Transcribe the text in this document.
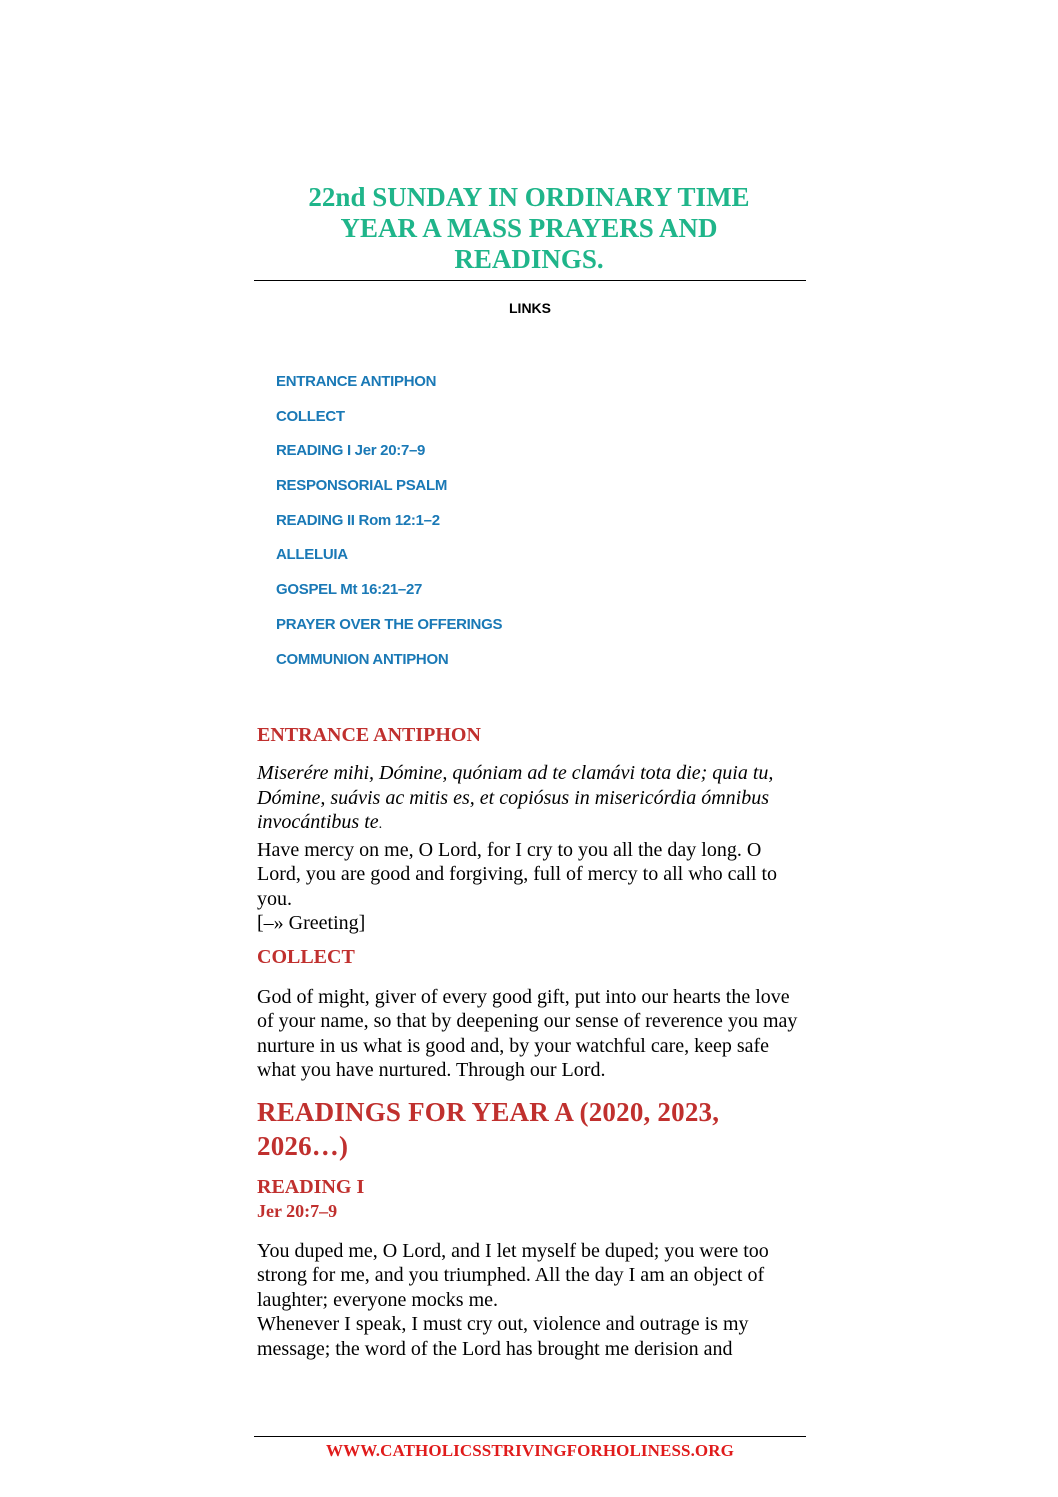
22nd SUNDAY IN ORDINARY TIME
YEAR A MASS PRAYERS AND
READINGS.
LINKS
ENTRANCE ANTIPHON
COLLECT
READING I Jer 20:7–9
RESPONSORIAL PSALM
READING II Rom 12:1–2
ALLELUIA
GOSPEL Mt 16:21–27
PRAYER OVER THE OFFERINGS
COMMUNION ANTIPHON
ENTRANCE ANTIPHON

Miserére mihi, Dómine, quóniam ad te clamávi tota die; quia tu, Dómine, suávis ac mitis es, et copiósus in misericórdia ómnibus invocántibus te.

Have mercy on me, O Lord, for I cry to you all the day long. O Lord, you are good and forgiving, full of mercy to all who call to you.

[–» Greeting]

COLLECT

God of might, giver of every good gift, put into our hearts the love of your name, so that by deepening our sense of reverence you may nurture in us what is good and, by your watchful care, keep safe what you have nurtured. Through our Lord.

READINGS FOR YEAR A (2020, 2023, 2026…)
READING I
Jer 20:7–9

You duped me, O Lord, and I let myself be duped; you were too strong for me, and you triumphed. All the day I am an object of laughter; everyone mocks me.

Whenever I speak, I must cry out, violence and outrage is my message; the word of the Lord has brought me derision and

WWW.CATHOLICSSTRIVINGFORHOLINESS.ORG
